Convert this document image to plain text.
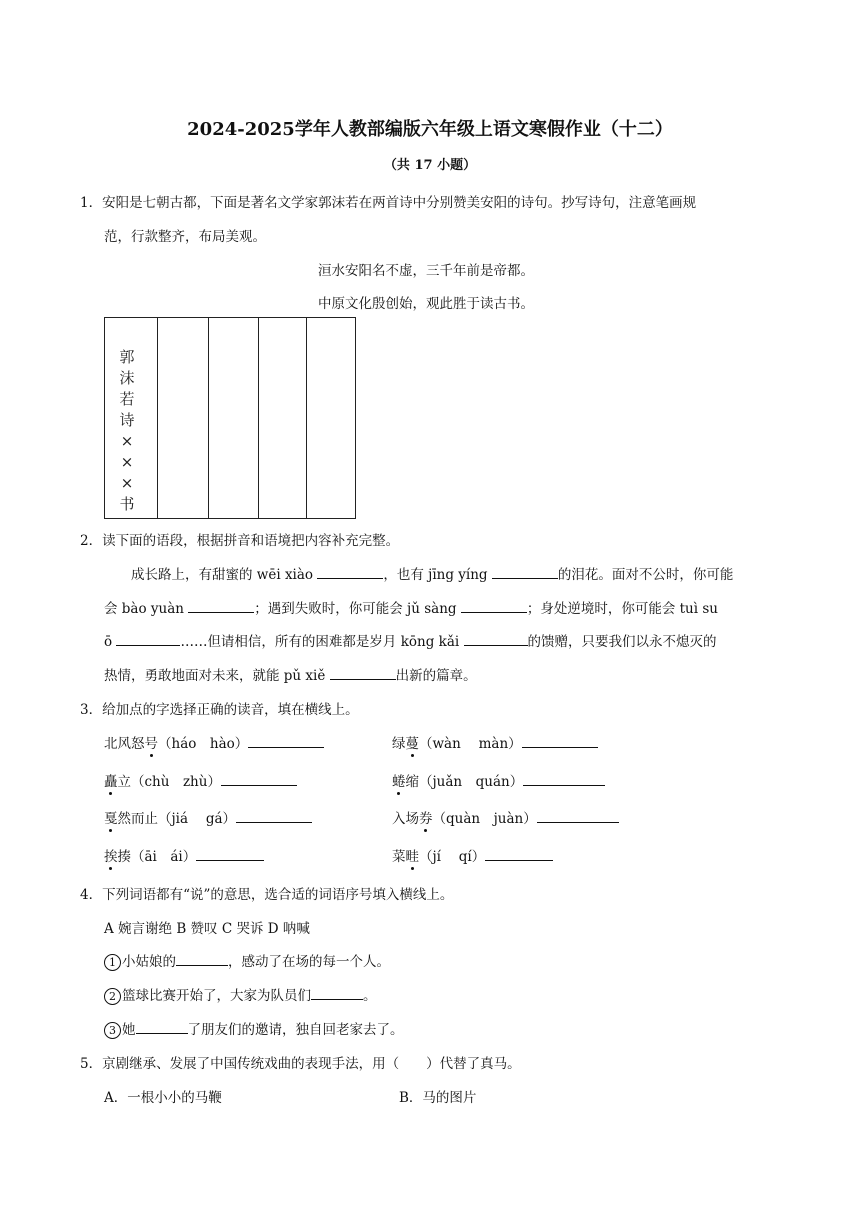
2024-2025学年人教部编版六年级上语文寒假作业（十二）
（共 17 小题）
1．安阳是七朝古都，下面是著名文学家郭沫若在两首诗中分别赞美安阳的诗句。抄写诗句，注意笔画规
范，行款整齐，布局美观。
洹水安阳名不虚，三千年前是帝都。
中原文化殷创始，观此胜于读古书。
郭
沫
若
诗
×
×
×
书
2．读下面的语段，根据拼音和语境把内容补充完整。
成长路上，有甜蜜的 wēi xiào	，也有 jīng yíng	的泪花。面对不公时，你可能
会 bào yuàn	；遇到失败时，你可能会 jǔ sàng	；身处逆境时，你可能会 tuì su
ō	……但请相信，所有的困难都是岁月 kōng kǎi	的馈赠，只要我们以永不熄灭的
热情，勇敢地面对未来，就能 pǔ xiě	出新的篇章。
3．给加点的字选择正确的读音，填在横线上。
北风怒号（háo　hào）	绿蔓（wàn　 màn）
矗立（chù　zhù）	蜷缩（juǎn　quán）
戛然而止（jiá　 gá）	入场券（quàn　juàn）
挨揍（āi　ái）	菜畦（jí　 qí）
4．下列词语都有“说”的意思，选合适的词语序号填入横线上。
A 婉言谢绝 B 赞叹 C 哭诉 D 呐喊
1 小姑娘的	，感动了在场的每一个人。
2 篮球比赛开始了，大家为队员们	。
3 她	了朋友们的邀请，独自回老家去了。
5．京剧继承、发展了中国传统戏曲的表现手法，用（　　）代替了真马。
A．一根小小的马鞭	B．马的图片
